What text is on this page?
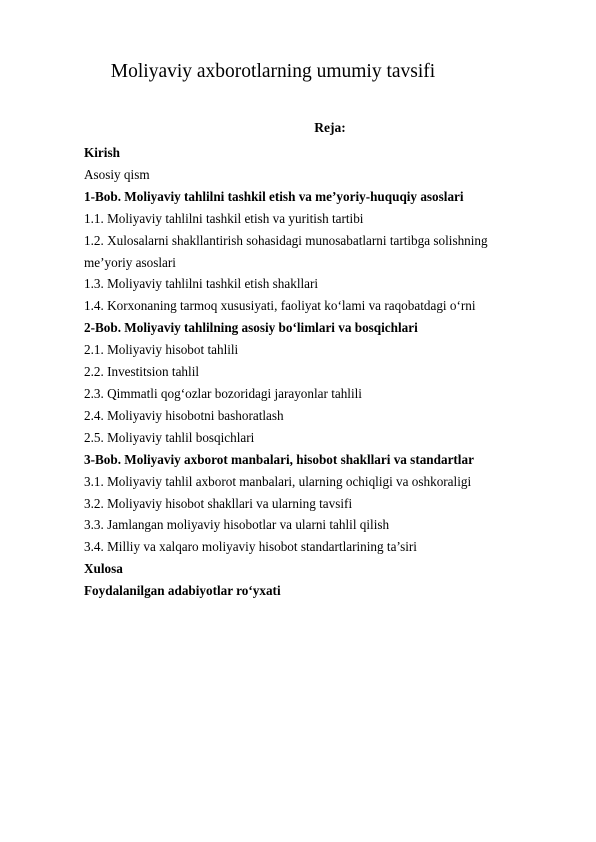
Moliyaviy axborotlarning umumiy tavsifi
Reja:
Kirish
Asosiy qism
1-Bob. Moliyaviy tahlilni tashkil etish va me’yoriy-huquqiy asoslari
1.1. Moliyaviy tahlilni tashkil etish va yuritish tartibi
1.2. Xulosalarni shakllantirish sohasidagi munosabatlarni tartibga solishning
me’yoriy asoslari
1.3. Moliyaviy tahlilni tashkil etish shakllari
1.4. Korxonaning tarmoq xususiyati, faoliyat ko‘lami va raqobatdagi o‘rni
2-Bob. Moliyaviy tahlilning asosiy bo‘limlari va bosqichlari
2.1. Moliyaviy hisobot tahlili
2.2. Investitsion tahlil
2.3. Qimmatli qog‘ozlar bozoridagi jarayonlar tahlili
2.4. Moliyaviy hisobotni bashoratlash
2.5. Moliyaviy tahlil bosqichlari
3-Bob. Moliyaviy axborot manbalari, hisobot shakllari va standartlar
3.1. Moliyaviy tahlil axborot manbalari, ularning ochiqligi va oshkoraligi
3.2. Moliyaviy hisobot shakllari va ularning tavsifi
3.3. Jamlangan moliyaviy hisobotlar va ularni tahlil qilish
3.4. Milliy va xalqaro moliyaviy hisobot standartlarining ta’siri
Xulosa
Foydalanilgan adabiyotlar ro‘yxati
